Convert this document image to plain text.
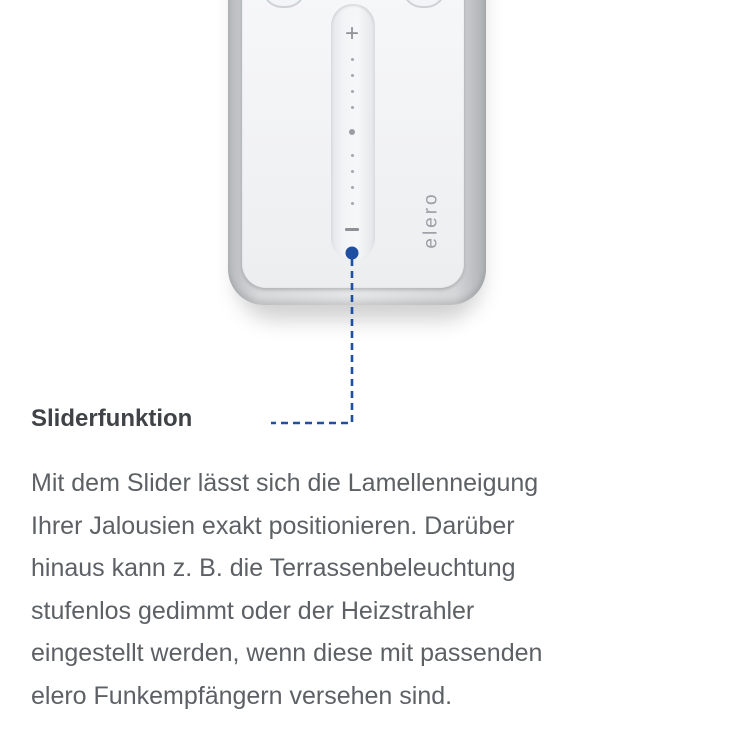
+
elero
Sliderfunktion

Mit dem Slider lässt sich die Lamellenneigung
Ihrer Jalousien exakt positionieren. Darüber
hinaus kann z. B. die Terrassenbeleuchtung
stufenlos gedimmt oder der Heizstrahler
eingestellt werden, wenn diese mit passenden
elero Funkempfängern versehen sind.
